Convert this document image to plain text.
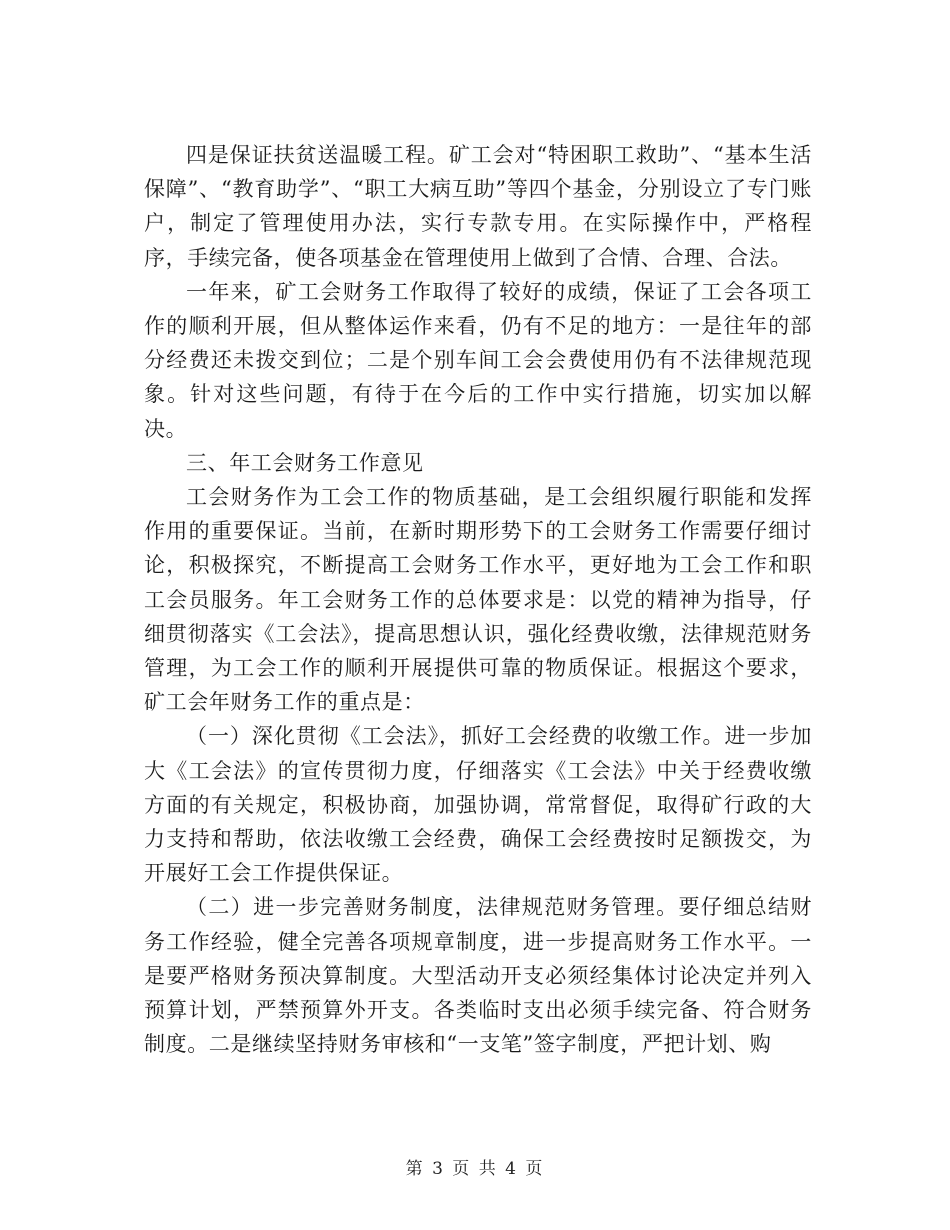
四是保证扶贫送温暖工程。矿工会对“特困职工救助”、“基本生活保障”、“教育助学”、“职工大病互助”等四个基金，分别设立了专门账户，制定了管理使用办法，实行专款专用。在实际操作中，严格程序，手续完备，使各项基金在管理使用上做到了合情、合理、合法。

一年来，矿工会财务工作取得了较好的成绩，保证了工会各项工作的顺利开展，但从整体运作来看，仍有不足的地方：一是往年的部分经费还未拨交到位；二是个别车间工会会费使用仍有不法律规范现象。针对这些问题，有待于在今后的工作中实行措施，切实加以解决。

三、年工会财务工作意见

工会财务作为工会工作的物质基础，是工会组织履行职能和发挥作用的重要保证。当前，在新时期形势下的工会财务工作需要仔细讨论，积极探究，不断提高工会财务工作水平，更好地为工会工作和职工会员服务。年工会财务工作的总体要求是：以党的精神为指导，仔细贯彻落实《工会法》，提高思想认识，强化经费收缴，法律规范财务管理，为工会工作的顺利开展提供可靠的物质保证。根据这个要求，矿工会年财务工作的重点是：

（一）深化贯彻《工会法》，抓好工会经费的收缴工作。进一步加大《工会法》的宣传贯彻力度，仔细落实《工会法》中关于经费收缴方面的有关规定，积极协商，加强协调，常常督促，取得矿行政的大力支持和帮助，依法收缴工会经费，确保工会经费按时足额拨交，为开展好工会工作提供保证。

（二）进一步完善财务制度，法律规范财务管理。要仔细总结财务工作经验，健全完善各项规章制度，进一步提高财务工作水平。一是要严格财务预决算制度。大型活动开支必须经集体讨论决定并列入预算计划，严禁预算外开支。各类临时支出必须手续完备、符合财务制度。二是继续坚持财务审核和“一支笔”签字制度，严把计划、购

第 3 页 共 4 页
